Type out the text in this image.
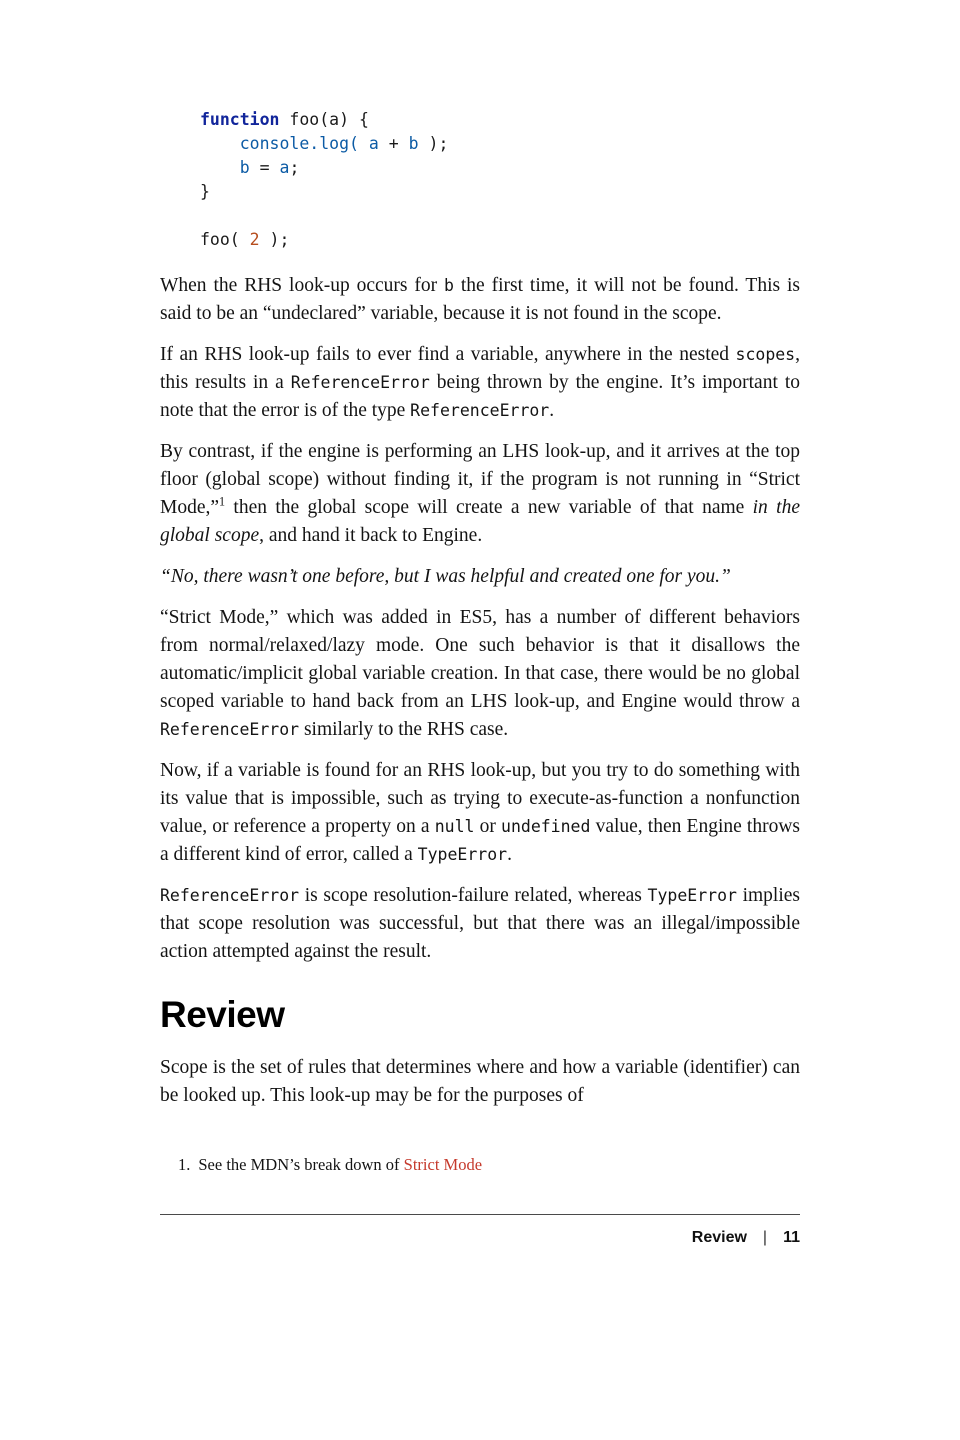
function foo(a) {
console.log( a + b );
b = a;
}

foo( 2 );

When the RHS look-up occurs for b the first time, it will not be found. This is said to be an “undeclared” variable, because it is not found in the scope.

If an RHS look-up fails to ever find a variable, anywhere in the nested scopes, this results in a ReferenceError being thrown by the engine. It’s important to note that the error is of the type ReferenceError.

By contrast, if the engine is performing an LHS look-up, and it arrives at the top floor (global scope) without finding it, if the program is not running in “Strict Mode,”$^1$ then the global scope will create a new variable of that name in the global scope, and hand it back to Engine.

“No, there wasn’t one before, but I was helpful and created one for you.”

“Strict Mode,” which was added in ES5, has a number of different behaviors from normal/relaxed/lazy mode. One such behavior is that it disallows the automatic/implicit global variable creation. In that case, there would be no global scoped variable to hand back from an LHS look-up, and Engine would throw a ReferenceError similarly to the RHS case.

Now, if a variable is found for an RHS look-up, but you try to do something with its value that is impossible, such as trying to execute-as-function a nonfunction value, or reference a property on a null or undefined value, then Engine throws a different kind of error, called a TypeError.

ReferenceError is scope resolution-failure related, whereas TypeError implies that scope resolution was successful, but that there was an illegal/impossible action attempted against the result.

Review

Scope is the set of rules that determines where and how a variable (identifier) can be looked up. This look-up may be for the purposes of

1. See the MDN’s break down of Strict Mode
Review | 11
